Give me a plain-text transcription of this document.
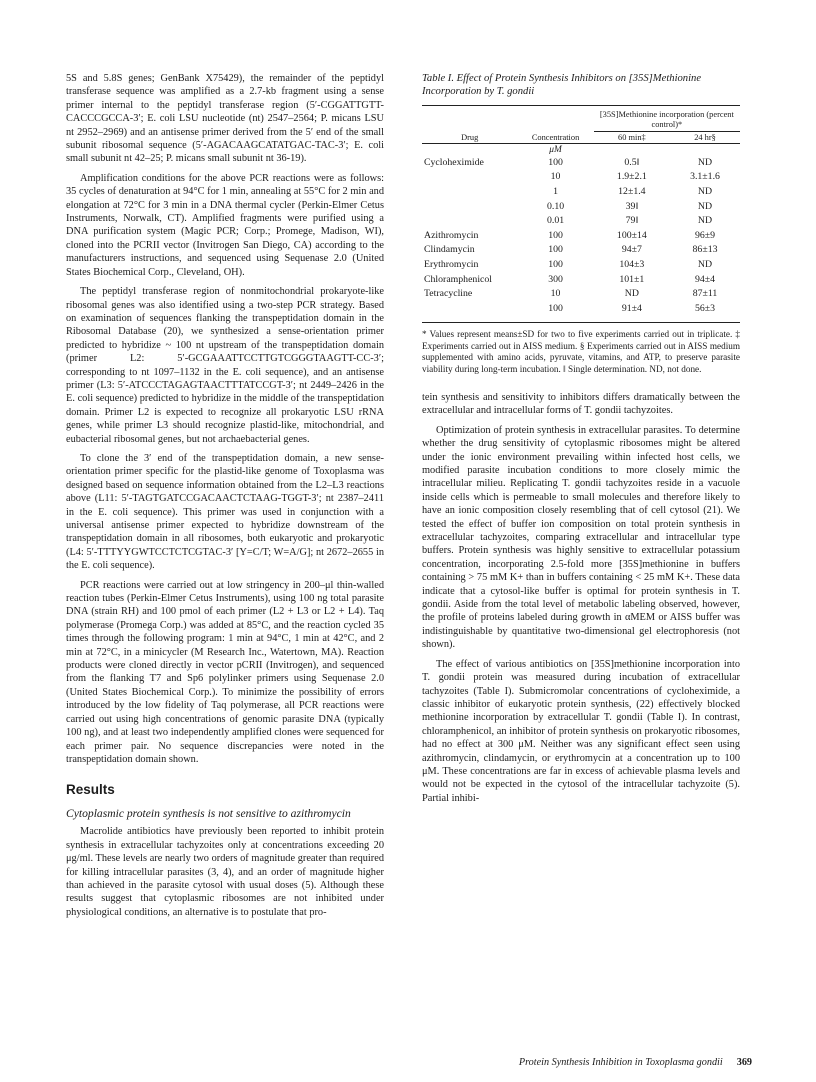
5S and 5.8S genes; GenBank X75429), the remainder of the peptidyl transferase sequence was amplified as a 2.7-kb fragment using a sense primer internal to the peptidyl transferase region (5′-CGGATTGTT-CACCCGCCA-3′; E. coli LSU nucleotide (nt) 2547–2564; P. micans LSU nt 2952–2969) and an antisense primer derived from the 5′ end of the small subunit ribosomal sequence (5′-AGACAAGCATATGAC-TAC-3′; E. coli small subunit nt 42–25; P. micans small subunit nt 36-19).

Amplification conditions for the above PCR reactions were as follows: 35 cycles of denaturation at 94°C for 1 min, annealing at 55°C for 2 min and elongation at 72°C for 3 min in a DNA thermal cycler (Perkin-Elmer Cetus Instruments, Norwalk, CT). Amplified fragments were purified using a DNA purification system (Magic PCR; Corp.; Promege, Madison, WI), cloned into the PCRII vector (Invitrogen San Diego, CA) according to the manufacturers instructions, and sequenced using Sequenase 2.0 (United States Biochemical Corp., Cleveland, OH).

The peptidyl transferase region of nonmitochondrial prokaryote-like ribosomal genes was also identified using a two-step PCR strategy. Based on examination of sequences flanking the transpeptidation domain in the Ribosomal Database (20), we synthesized a sense-orientation primer predicted to hybridize ~ 100 nt upstream of the transpeptidation domain (primer L2: 5′-GCGAAATTCCTTGTCGGGTAAGTT-CC-3′; corresponding to nt 1097–1132 in the E. coli sequence), and an antisense primer (L3: 5′-ATCCCTAGAGTAACTTTATCCGT-3′; nt 2449–2426 in the E. coli sequence) predicted to hybridize in the middle of the transpeptidation domain. Primer L2 is expected to recognize all prokaryotic LSU rRNA genes, while primer L3 should recognize plastid-like, mitochondrial, and eubacterial ribosomal genes, but not archaebacterial genes.

To clone the 3′ end of the transpeptidation domain, a new sense-orientation primer specific for the plastid-like genome of Toxoplasma was designed based on sequence information obtained from the L2–L3 reactions above (L11: 5′-TAGTGATCCGACAACTCTAAG-TGGT-3′; nt 2387–2411 in the E. coli sequence). This primer was used in conjunction with a universal antisense primer expected to hybridize downstream of the transpeptidation domain in all ribosomes, both eukaryotic and prokaryotic (L4: 5′-TTTYYGWTCCTCTCGTAC-3′ [Y=C/T; W=A/G]; nt 2672–2655 in the E. coli sequence).

PCR reactions were carried out at low stringency in 200–μl thin-walled reaction tubes (Perkin-Elmer Cetus Instruments), using 100 ng total parasite DNA (strain RH) and 100 pmol of each primer (L2 + L3 or L2 + L4). Taq polymerase (Promega Corp.) was added at 85°C, and the reaction cycled 35 times through the following program: 1 min at 94°C, 1 min at 42°C, and 2 min at 72°C, in a minicycler (M Research Inc., Watertown, MA). Reaction products were cloned directly in vector pCRII (Invitrogen), and sequenced from the flanking T7 and Sp6 polylinker primers using Sequenase 2.0 (United States Biochemical Corp.). To minimize the possibility of errors introduced by the low fidelity of Taq polymerase, all PCR reactions were carried out using high concentrations of genomic parasite DNA (typically 100 ng), and at least two independently amplified clones were sequenced for each primer pair. No sequence discrepancies were noted in the transpeptidation domain shown.

Results
Cytoplasmic protein synthesis is not sensitive to azithromycin

Macrolide antibiotics have previously been reported to inhibit protein synthesis in extracellular tachyzoites only at concentrations exceeding 20 μg/ml. These levels are nearly two orders of magnitude greater than required for killing intracellular parasites (3, 4), and an order of magnitude higher than achieved in the parasite cytosol with usual doses (5). Although these results suggest that cytoplasmic ribosomes are not inhibited under physiological conditions, an alternative is to postulate that pro-

Table I. Effect of Protein Synthesis Inhibitors on [35S]Methionine Incorporation by T. gondii

		[35S]Methionine incorporation (percent control)*	
Drug	Concentration	60 min‡	24 hr§
	μM		
Cycloheximide	100	0.5‖	ND
	10	1.9±2.1	3.1±1.6
	1	12±1.4	ND
	0.10	39‖	ND
	0.01	79‖	ND
Azithromycin	100	100±14	96±9
Clindamycin	100	94±7	86±13
Erythromycin	100	104±3	ND
Chloramphenicol	300	101±1	94±4
Tetracycline	10	ND	87±11
	100	91±4	56±3

* Values represent means±SD for two to five experiments carried out in triplicate. ‡ Experiments carried out in AISS medium. § Experiments carried out in AISS medium supplemented with amino acids, pyruvate, vitamins, and ATP, to preserve parasite viability during long-term incubation. ‖ Single determination. ND, not done.

tein synthesis and sensitivity to inhibitors differs dramatically between the extracellular and intracellular forms of T. gondii tachyzoites.

Optimization of protein synthesis in extracellular parasites. To determine whether the drug sensitivity of cytoplasmic ribosomes might be altered under the ionic environment prevailing within infected host cells, we modified parasite incubation conditions to more closely mimic the intracellular milieu. Replicating T. gondii tachyzoites reside in a vacuole inside cells which is permeable to small molecules and therefore likely to have an ionic composition closely resembling that of cell cytosol (21). We tested the effect of buffer ion composition on total protein synthesis in extracellular tachyzoites, comparing extracellular and intracellular type buffers. Protein synthesis was highly sensitive to extracellular potassium concentration, incorporating 2.5-fold more [35S]methionine in buffers containing > 75 mM K+ than in buffers containing < 25 mM K+. These data indicate that a cytosol-like buffer is optimal for protein synthesis in T. gondii. Aside from the total level of metabolic labeling observed, however, the profile of proteins labeled during growth in αMEM or AISS buffer was indistinguishable by quantitative two-dimensional gel electrophoresis (not shown).

The effect of various antibiotics on [35S]methionine incorporation into T. gondii protein was measured during incubation of extracellular tachyzoites (Table I). Submicromolar concentrations of cycloheximide, a classic inhibitor of eukaryotic protein synthesis, (22) effectively blocked methionine incorporation by extracellular T. gondii (Table I). In contrast, chloramphenicol, an inhibitor of protein synthesis on prokaryotic ribosomes, had no effect at 300 μM. Neither was any significant effect seen using azithromycin, clindamycin, or erythromycin at a concentration up to 100 μM. These concentrations are far in excess of achievable plasma levels and would not be expected in the cytosol of the intracellular tachyzoite (5). Partial inhibi-

Protein Synthesis Inhibition in Toxoplasma gondii 369
